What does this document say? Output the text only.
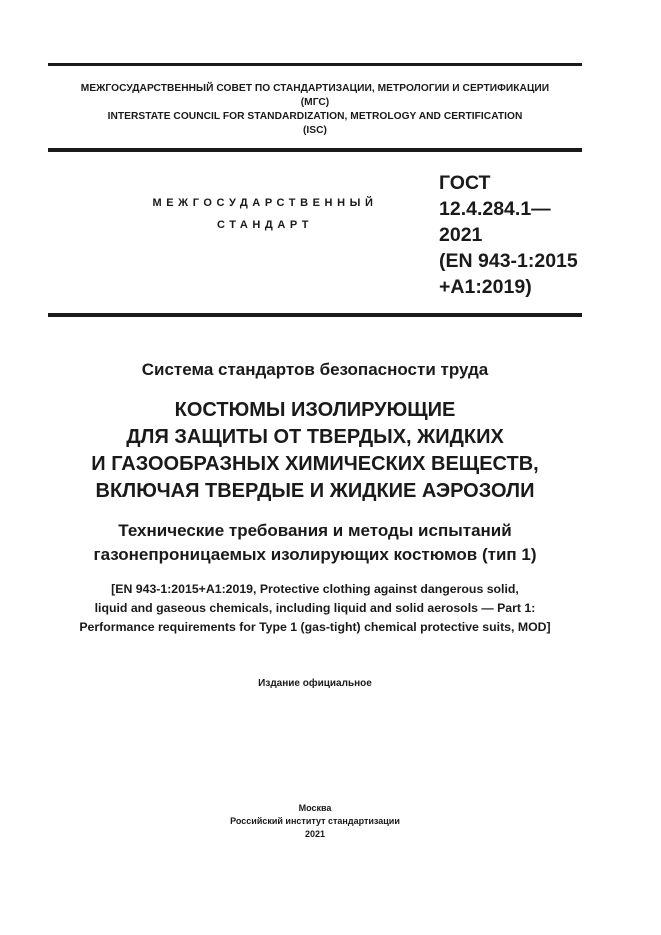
МЕЖГОСУДАРСТВЕННЫЙ СОВЕТ ПО СТАНДАРТИЗАЦИИ, МЕТРОЛОГИИ И СЕРТИФИКАЦИИ
(МГС)
INTERSTATE COUNCIL FOR STANDARDIZATION, METROLOGY AND CERTIFICATION
(ISC)
МЕЖГОСУДАРСТВЕННЫЙ
СТАНДАРТ
ГОСТ
12.4.284.1—
2021
(EN 943-1:2015
+A1:2019)
Система стандартов безопасности труда
КОСТЮМЫ ИЗОЛИРУЮЩИЕ
ДЛЯ ЗАЩИТЫ ОТ ТВЕРДЫХ, ЖИДКИХ
И ГАЗООБРАЗНЫХ ХИМИЧЕСКИХ ВЕЩЕСТВ,
ВКЛЮЧАЯ ТВЕРДЫЕ И ЖИДКИЕ АЭРОЗОЛИ
Технические требования и методы испытаний
газонепроницаемых изолирующих костюмов (тип 1)
[EN 943-1:2015+A1:2019, Protective clothing against dangerous solid,
liquid and gaseous chemicals, including liquid and solid aerosols — Part 1:
Performance requirements for Type 1 (gas-tight) chemical protective suits, MOD]
Издание официальное
Москва
Российский институт стандартизации
2021
